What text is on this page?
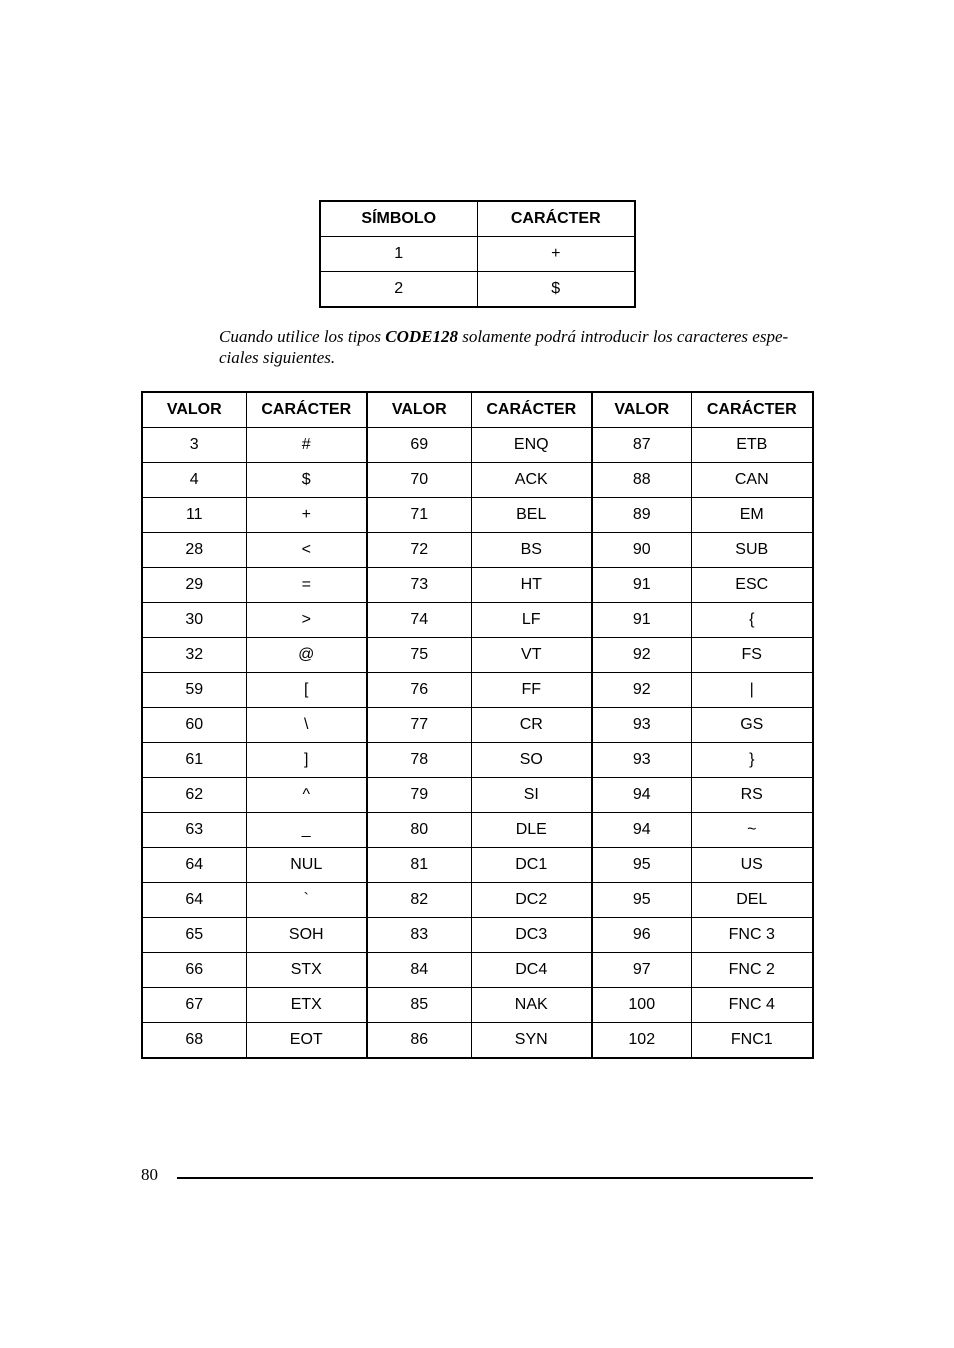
SÍMBOLO	CARÁCTER
1	+
2	$
Cuando utilice los tipos CODE128 solamente podrá introducir los caracteres espe-ciales siguientes.
VALOR	CARÁCTER	VALOR	CARÁCTER	VALOR	CARÁCTER
3	#	69	ENQ	87	ETB
4	$	70	ACK	88	CAN
11	+	71	BEL	89	EM
28	<	72	BS	90	SUB
29	=	73	HT	91	ESC
30	>	74	LF	91	{
32	@	75	VT	92	FS
59	[	76	FF	92	|
60	\	77	CR	93	GS
61	]	78	SO	93	}
62	^	79	SI	94	RS
63	_	80	DLE	94	~
64	NUL	81	DC1	95	US
64	`	82	DC2	95	DEL
65	SOH	83	DC3	96	FNC 3
66	STX	84	DC4	97	FNC 2
67	ETX	85	NAK	100	FNC 4
68	EOT	86	SYN	102	FNC1
80
